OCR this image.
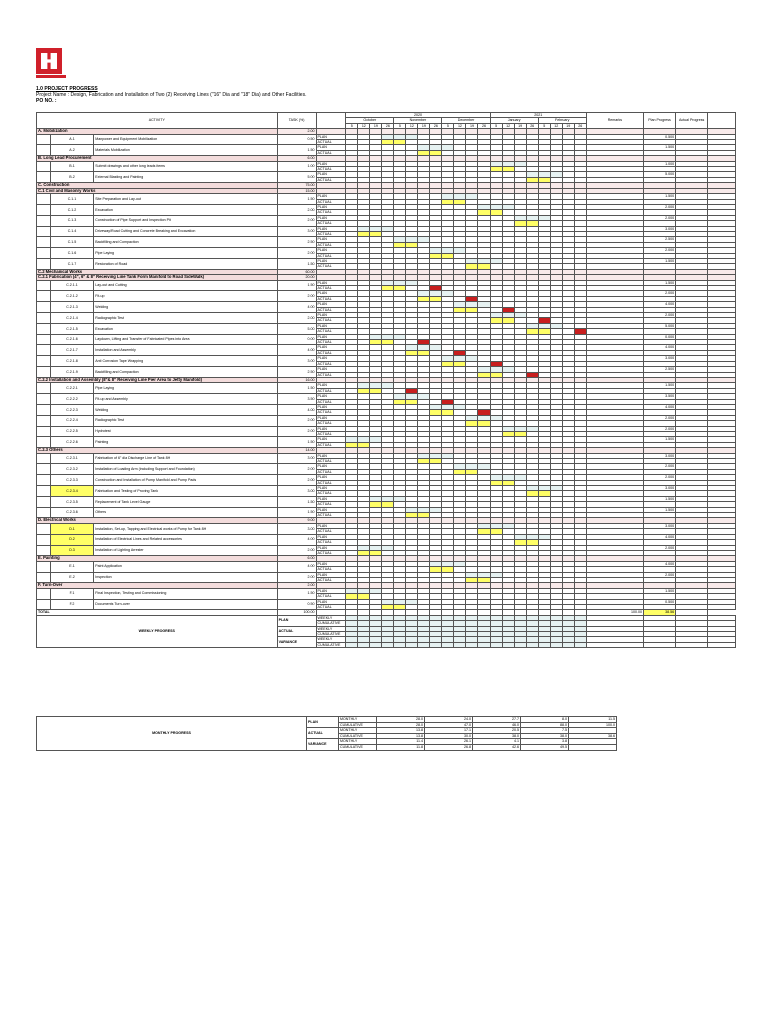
1.0 PROJECT PROGRESS
Project Name : Design, Fabrication and Installation of Two (2) Receiving Lines ("16" Dia and "18" Dia) and Other Facilities.
PO NO. :
ACTIVITY			TASK (%)		2020												2021								Remarks	Plan Progress	Actual Progress	
					October				November				December				January				February							
					5	12	19	26	5	12	19	26	5	12	19	26	5	12	19	26	5	12	19	26				
A. Mobilization			2.00																									
	A.1	Manpower and Equipment Mobilization	0.50	PLAN																						0.500		
				ACTUAL																								
	A.2	Materials Mobilization	1.50	PLAN																						1.500		
				ACTUAL																								
B. Long Lead Procurement			6.00																									
	B.1	Submit drawings and other long leads items	1.00	PLAN																						1.000		
				ACTUAL																								
	B.2	External Blasting and Painting	5.00	PLAN																						5.000		
				ACTUAL																								
C. Construction			75.00																									
C.1 Civil and Masonry Works			15.00																									
	C.1.1	Site Preparation and Lay-out	1.50	PLAN																						1.500		
				ACTUAL																								
	C.1.2	Excavation	2.00	PLAN																						2.000		
				ACTUAL																								
	C.1.3	Construction of Pipe Support and Inspection Pit	2.00	PLAN																						2.000		
				ACTUAL																								
	C.1.4	Driveway/Road Cutting and Concrete Breaking and Excavation	3.00	PLAN																						3.000		
				ACTUAL																								
	C.1.5	Backfilling and Compaction	2.50	PLAN																						2.500		
				ACTUAL																								
	C.1.6	Pipe Laying	2.00	PLAN																						2.000		
				ACTUAL																								
	C.1.7	Restoration of Road	1.50	PLAN																						1.500		
				ACTUAL																								
C.2 Mechanical Works			60.00																									
C.2.1 Fabrication (4", 6" & 8" Receiving Line Tank Form Manifold to Road SideWalk)			20.00																									
	C.2.1.1	Lay-out and Cutting	1.50	PLAN																						1.500		
				ACTUAL																								
	C.2.1.2	Fit-up	2.00	PLAN																						2.000		
				ACTUAL																								
	C.2.1.3	Welding	4.00	PLAN																						4.000		
				ACTUAL																								
	C.2.1.4	Radiographic Test	2.00	PLAN																						2.000		
				ACTUAL																								
	C.2.1.5	Excavation	5.00	PLAN																						5.000		
				ACTUAL																								
	C.2.1.6	Laydown, Lifting and Transfer of Fabricated Pipes into Area	0.00	PLAN																						0.000		
				ACTUAL																								
	C.2.1.7	Installation and Assembly	4.00	PLAN																						4.000		
				ACTUAL																								
	C.2.1.8	Anti Corrosion Tape Wrapping	3.00	PLAN																						3.000		
				ACTUAL																								
	C.2.1.9	Backfilling and Compaction	2.50	PLAN																						2.500		
				ACTUAL																								
C.2.2 Installation and Assembly (8"& 8" Receiving Line Pier Area to Jetty Manifold)			16.00																									
	C.2.2.1	Pipe Laying	1.50	PLAN																						1.500		
				ACTUAL																								
	C.2.2.2	Fit-up and Assembly	3.50	PLAN																						3.500		
				ACTUAL																								
	C.2.2.3	Welding	4.00	PLAN																						4.000		
				ACTUAL																								
	C.2.2.4	Radiographic Test	2.00	PLAN																						2.000		
				ACTUAL																								
	C.2.2.5	Hydrotest	2.00	PLAN																						2.000		
				ACTUAL																								
	C.2.2.6	Painting	1.50	PLAN																						1.500		
				ACTUAL																								
C.2.3 Others			14.00																									
	C.2.3.1	Fabrication of 6" dia Discharge Line of Tank 8H	3.00	PLAN																						3.000		
				ACTUAL																								
	C.2.3.2	Installation of Loading Arm (including Support and Foundation)	2.00	PLAN																						2.000		
				ACTUAL																								
	C.2.3.3	Construction and Installation of Pump Manifold and Pump Pads	2.00	PLAN																						2.000		
				ACTUAL																								
	C.2.3.4	Fabrication and Testing of Proving Tank	3.00	PLAN																						3.000		
				ACTUAL																								
	C.2.3.5	Replacement of Tank Level Gauge	1.50	PLAN																						1.500		
				ACTUAL																								
	C.2.3.6	Others	1.50	PLAN																						1.500		
				ACTUAL																								
D. Electrical Works			9.00																									
	D.1	Installation, Set-up, Tapping and Electrical works of Pump for Tank 8H	3.00	PLAN																						3.000		
				ACTUAL																								
	D.2	Installation of Electrical Lines and Related accessories	4.00	PLAN																						4.000		
				ACTUAL																								
	D.3	Installation of Lighting Arrester	2.00	PLAN																						2.000		
				ACTUAL																								
E. Painting			6.00																									
	E.1	Paint Application	4.00	PLAN																						4.000		
				ACTUAL																								
	E.2	Inspection	2.00	PLAN																						2.000		
				ACTUAL																								
F. Turn-Over			2.00																									
	F.1	Final Inspection, Testing and Commissioning	1.50	PLAN																						1.500		
				ACTUAL																								
	F.2	Documents Turn-over	0.50	PLAN																						0.500		
				ACTUAL																								
TOTAL			100.00																						100.00	38.56		
WEEKLY PROGRESS			PLAN	WEEKLY																								
				CUMULATIVE																								
			ACTUAL	WEEKLY																								
				CUMULATIVE																								
			VARIANCE	WEEKLY																								
				CUMULATIVE																								
MONTHLY PROGRESS	PLAN	MONTHLY	28.0	24.0	27.7	8.0	11.5
		CUMULATIVE	28.0	47.0	46.0	88.0	100.0
	ACTUAL	MONTHLY	13.8	17.1	20.5	7.5	
		CUMULATIVE	13.8	30.0	38.0	38.0	38.6
	VARIANCE	MONTHLY	11.4	26.1	4.1	3.8	
		CUMULATIVE	11.8	26.8	42.6	49.5	
